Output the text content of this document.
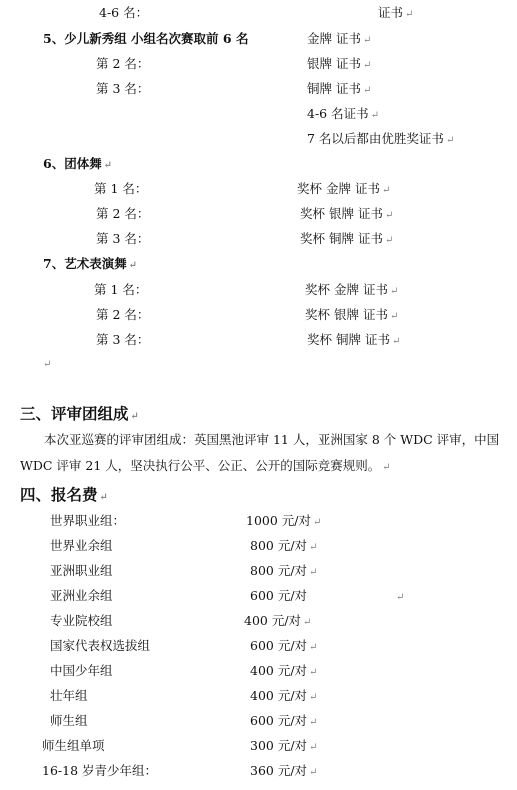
4-6 名：	证书 ↵
5、少儿新秀组 小组名次赛取前 6 名	金牌 证书 ↵
第 2 名：	银牌 证书 ↵
第 3 名：	铜牌 证书 ↵
4-6 名证书 ↵
7 名以后都由优胜奖证书 ↵
6、团体舞 ↵
第 1 名：	奖杯 金牌 证书 ↵
第 2 名：	奖杯 银牌 证书 ↵
第 3 名：	奖杯 铜牌 证书 ↵
7、艺术表演舞 ↵
第 1 名：	奖杯 金牌 证书 ↵
第 2 名：	奖杯 银牌 证书 ↵
第 3 名：	奖杯 铜牌 证书 ↵
↵
三、评审团组成 ↵
本次亚巡赛的评审团组成：英国黑池评审 11 人，亚洲国家 8 个 WDC 评审，中国 WDC 评审 21 人，坚决执行公平、公正、公开的国际竞赛规则。 ↵
四、报名费 ↵
世界职业组：	1000 元/对 ↵
世界业余组	800 元/对 ↵
亚洲职业组	800 元/对 ↵
亚洲业余组	600 元/对	↵
专业院校组	400 元/对 ↵
国家代表权选拔组	600 元/对 ↵
中国少年组	400 元/对 ↵
壮年组	400 元/对 ↵
师生组	600 元/对 ↵
师生组单项	300 元/对 ↵
16-18 岁青少年组：	360 元/对 ↵
